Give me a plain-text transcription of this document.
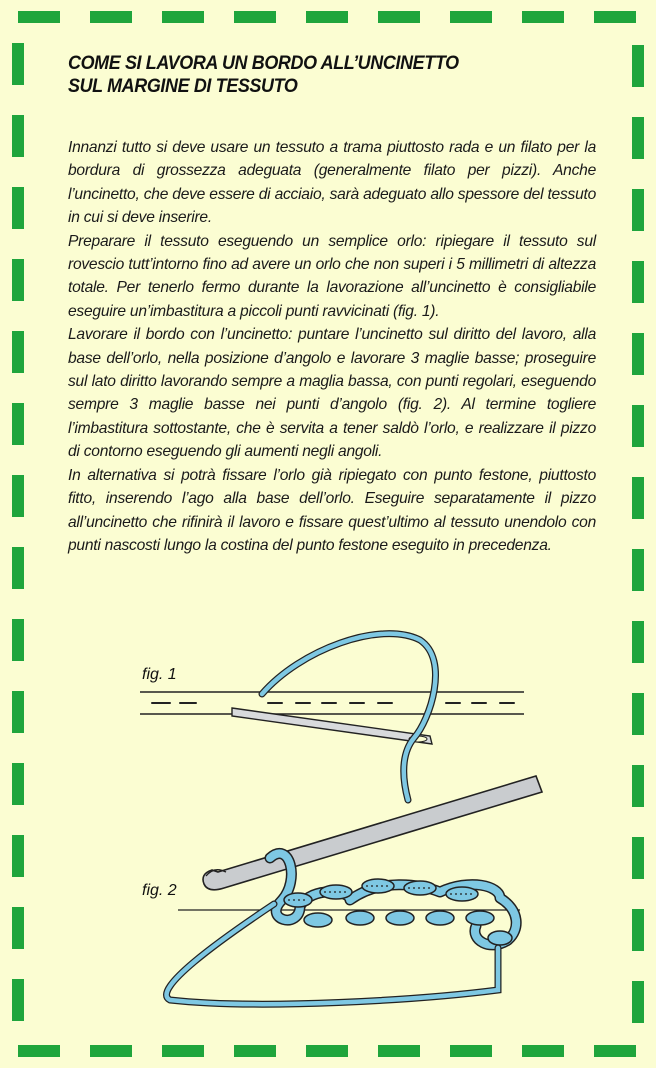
COME SI LAVORA UN BORDO ALL’UNCINETTO
SUL MARGINE DI TESSUTO

Innanzi tutto si deve usare un tessuto a trama piuttosto rada e un filato per la bordura di grossezza adeguata (generalmente filato per pizzi). Anche l’uncinetto, che deve essere di acciaio, sarà adeguato allo spessore del tessuto in cui si deve inserire.

Preparare il tessuto eseguendo un semplice orlo: ripiegare il tessuto sul rovescio tutt’intorno fino ad avere un orlo che non superi i 5 millimetri di altezza totale. Per tenerlo fermo durante la lavorazione all’uncinetto è consigliabile eseguire un’imbastitura a piccoli punti ravvicinati (fig. 1).

Lavorare il bordo con l’uncinetto: puntare l’uncinetto sul diritto del lavoro, alla base dell’orlo, nella posizione d’angolo e lavorare 3 maglie basse; proseguire sul lato diritto lavorando sempre a maglia bassa, con punti regolari, eseguendo sempre 3 maglie basse nei punti d’angolo (fig. 2). Al termine togliere l’imbastitura sottostante, che è servita a tener saldò l’orlo, e realizzare il pizzo di contorno eseguendo gli aumenti negli angoli.

In alternativa si potrà fissare l’orlo già ripiegato con punto festone, piuttosto fitto, inserendo l’ago alla base dell’orlo. Eseguire separatamente il pizzo all’uncinetto che rifinirà il lavoro e fissare quest’ultimo al tessuto unendolo con punti nascosti lungo la costina del punto festone eseguito in precedenza.

fig. 1
fig. 2
